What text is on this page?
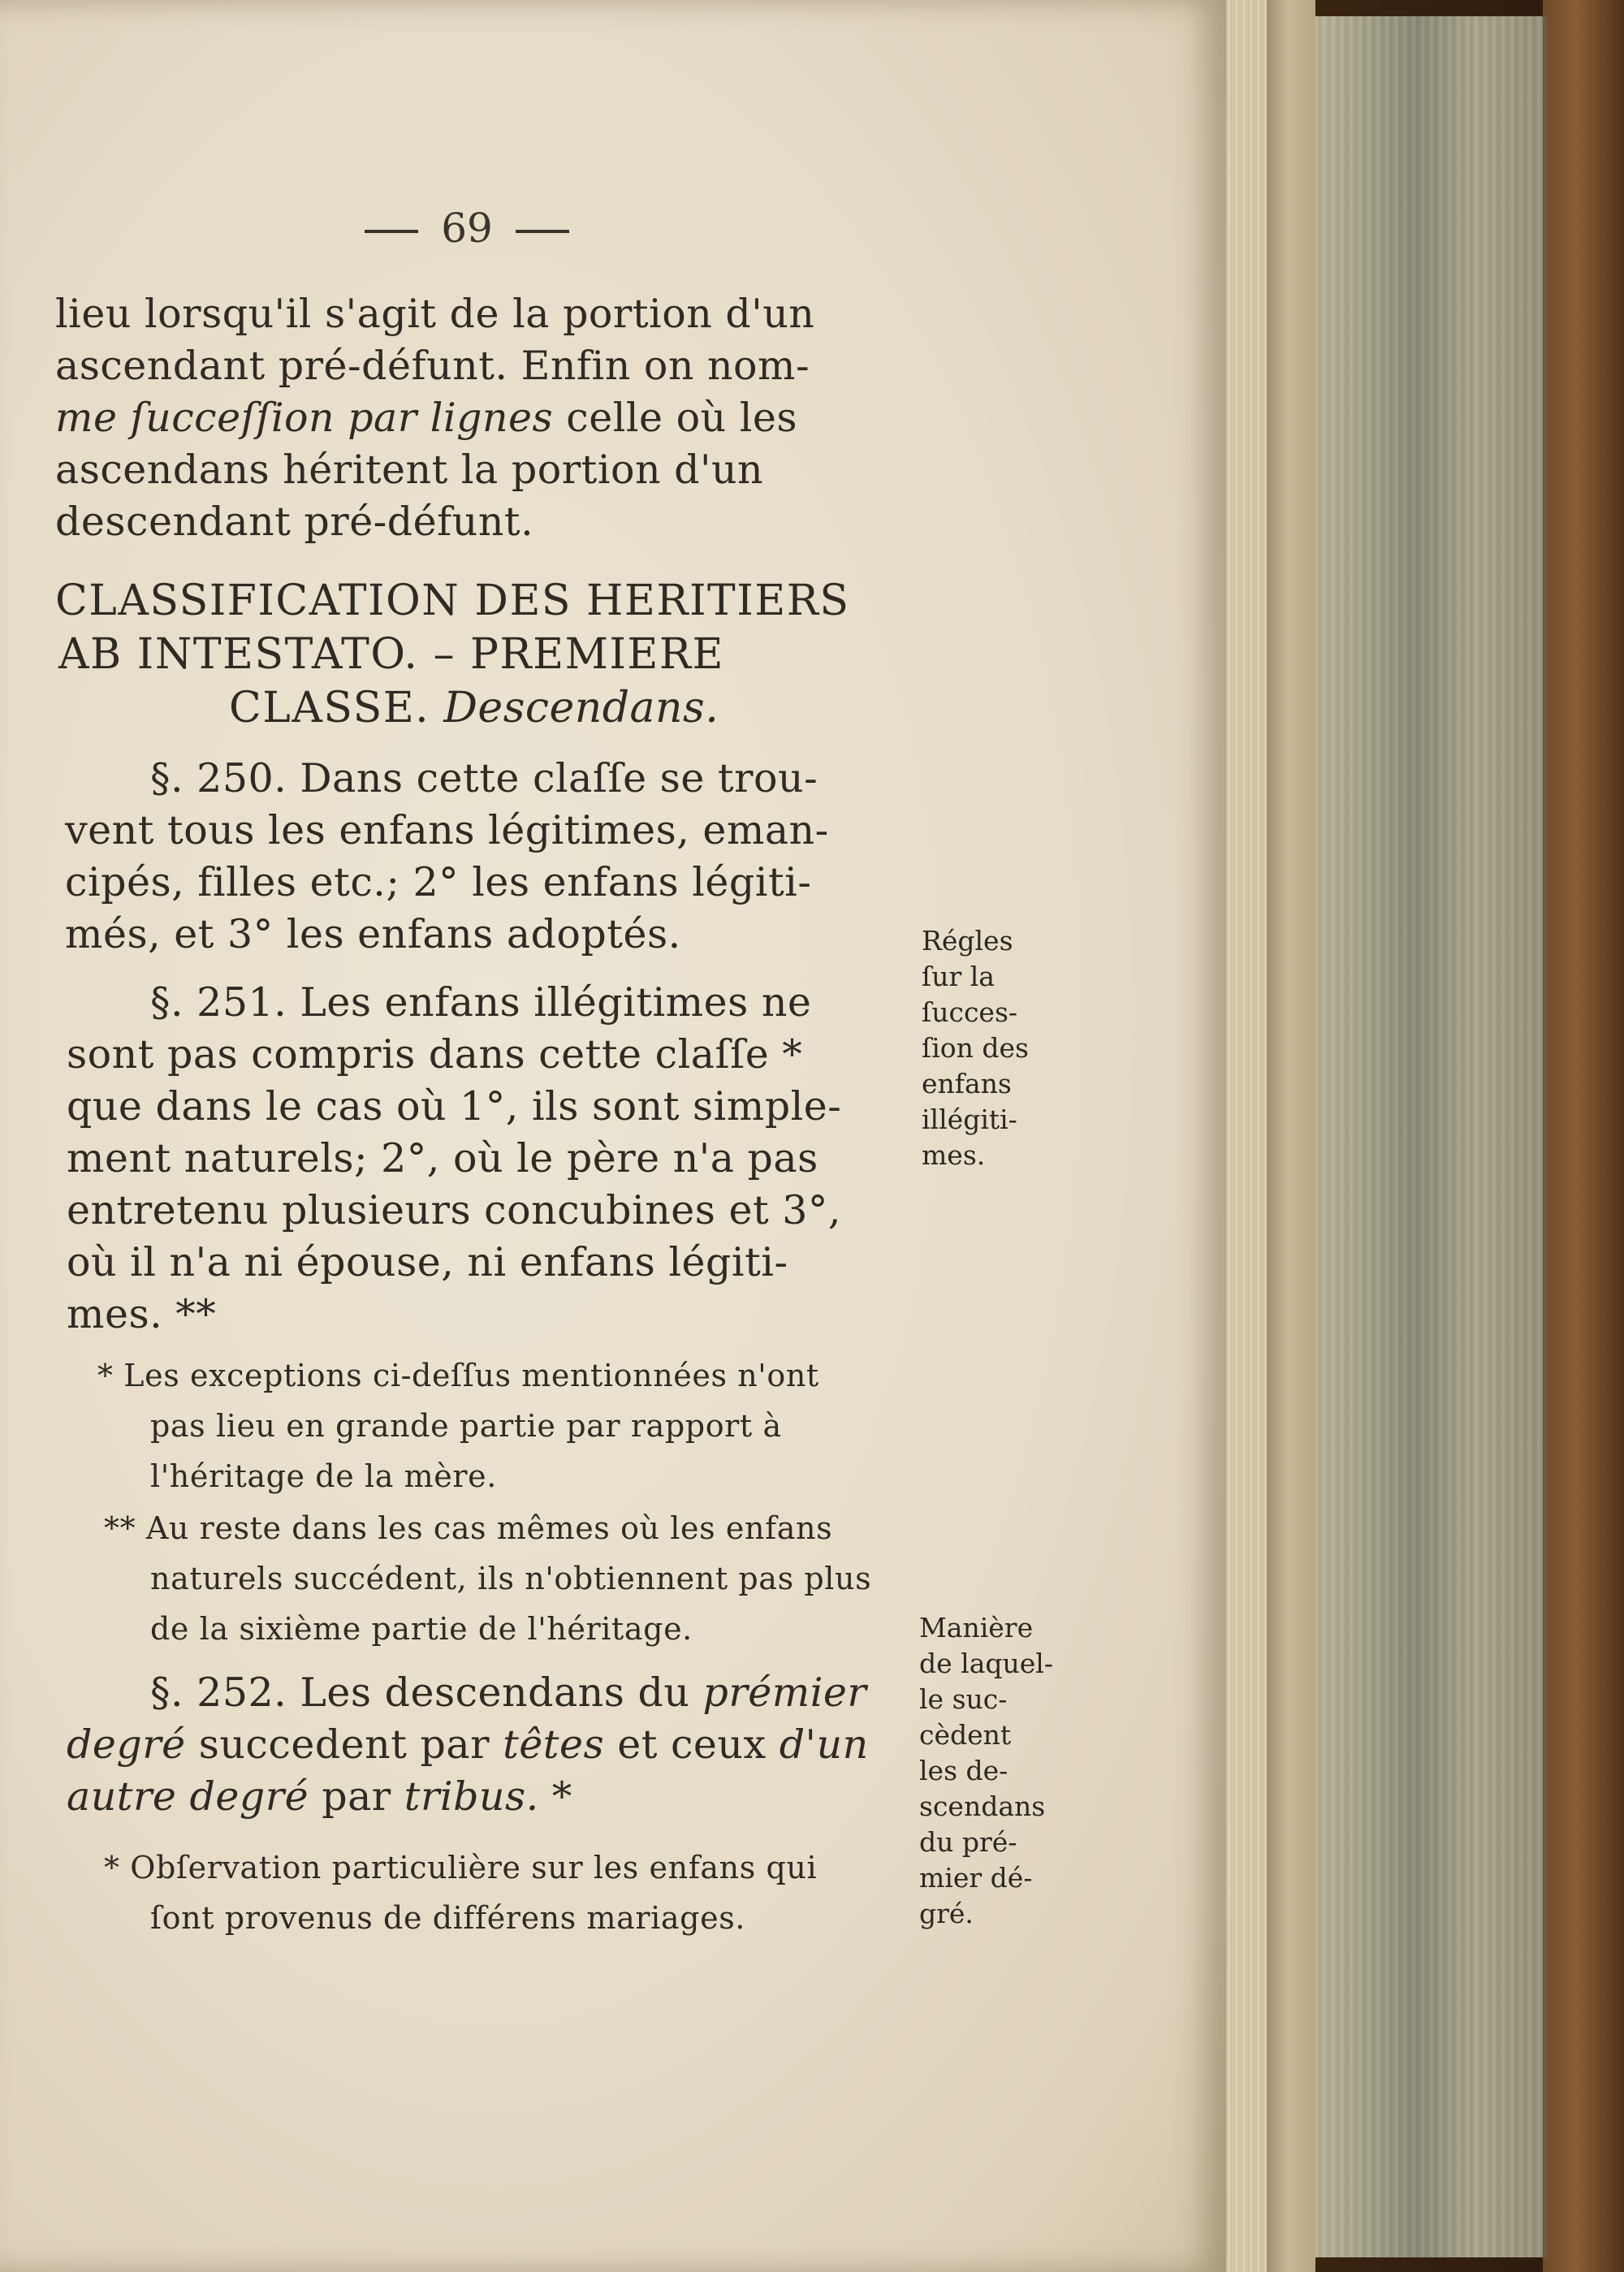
69
lieu lorsqu'il s'agit de la portion d'un
ascendant pré-défunt. Enfin on nom-
me ſucceſſion par lignes celle où les
ascendans héritent la portion d'un
descendant pré-défunt.
CLASSIFICATION DES HERITIERS
AB INTESTATO. – PREMIERE
CLASSE. Descendans.
§. 250. Dans cette claſſe se trou-
vent tous les enfans légitimes, eman-
cipés, filles etc.; 2° les enfans légiti-
més, et 3° les enfans adoptés.
§. 251. Les enfans illégitimes ne
sont pas compris dans cette claſſe *
que dans le cas où 1°, ils sont simple-
ment naturels; 2°, où le père n'a pas
entretenu plusieurs concubines et 3°,
où il n'a ni épouse, ni enfans légiti-
mes. **
* Les exceptions ci-deſſus mentionnées n'ont
pas lieu en grande partie par rapport à
l'héritage de la mère.
** Au reste dans les cas mêmes où les enfans
naturels succédent, ils n'obtiennent pas plus
de la sixième partie de l'héritage.
§. 252. Les descendans du prémier
degré succedent par têtes et ceux d'un
autre degré par tribus. *
* Obſervation particulière sur les enfans qui
ſont provenus de différens mariages.
Régles
ſur la
ſucces-
ſion des
enfans
illégiti-
mes.
Manière
de laquel-
le suc-
cèdent
les de-
scendans
du pré-
mier dé-
gré.
